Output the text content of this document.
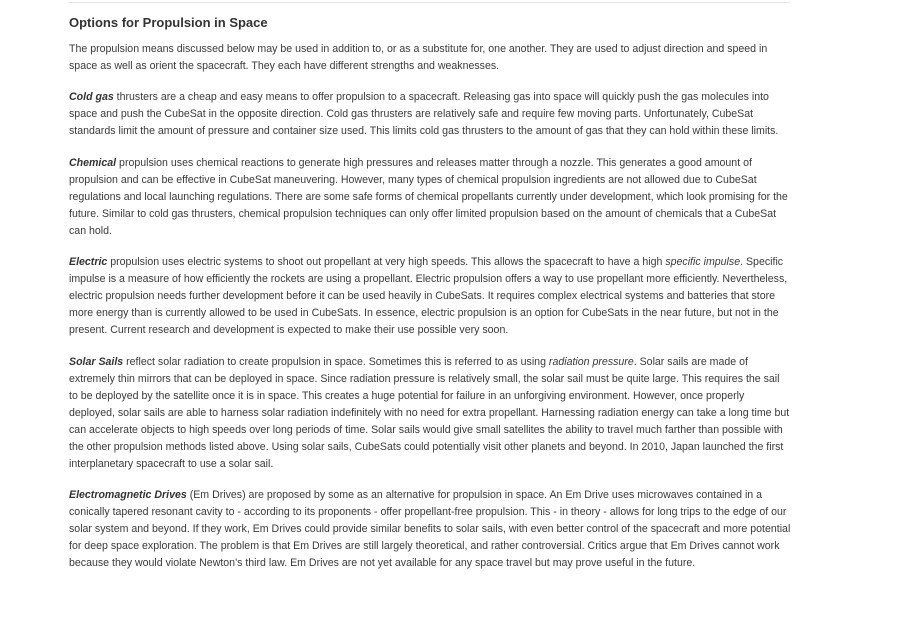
Options for Propulsion in Space

The propulsion means discussed below may be used in addition to, or as a substitute for, one another. They are used to adjust direction and speed in space as well as orient the spacecraft. They each have different strengths and weaknesses.

Cold gas thrusters are a cheap and easy means to offer propulsion to a spacecraft. Releasing gas into space will quickly push the gas molecules into space and push the CubeSat in the opposite direction. Cold gas thrusters are relatively safe and require few moving parts. Unfortunately, CubeSat standards limit the amount of pressure and container size used. This limits cold gas thrusters to the amount of gas that they can hold within these limits.

Chemical propulsion uses chemical reactions to generate high pressures and releases matter through a nozzle. This generates a good amount of propulsion and can be effective in CubeSat maneuvering. However, many types of chemical propulsion ingredients are not allowed due to CubeSat regulations and local launching regulations. There are some safe forms of chemical propellants currently under development, which look promising for the future. Similar to cold gas thrusters, chemical propulsion techniques can only offer limited propulsion based on the amount of chemicals that a CubeSat can hold.

Electric propulsion uses electric systems to shoot out propellant at very high speeds. This allows the spacecraft to have a high specific impulse. Specific impulse is a measure of how efficiently the rockets are using a propellant. Electric propulsion offers a way to use propellant more efficiently. Nevertheless, electric propulsion needs further development before it can be used heavily in CubeSats. It requires complex electrical systems and batteries that store more energy than is currently allowed to be used in CubeSats. In essence, electric propulsion is an option for CubeSats in the near future, but not in the present. Current research and development is expected to make their use possible very soon.

Solar Sails reflect solar radiation to create propulsion in space. Sometimes this is referred to as using radiation pressure. Solar sails are made of extremely thin mirrors that can be deployed in space. Since radiation pressure is relatively small, the solar sail must be quite large. This requires the sail to be deployed by the satellite once it is in space. This creates a huge potential for failure in an unforgiving environment. However, once properly deployed, solar sails are able to harness solar radiation indefinitely with no need for extra propellant. Harnessing radiation energy can take a long time but can accelerate objects to high speeds over long periods of time. Solar sails would give small satellites the ability to travel much farther than possible with the other propulsion methods listed above. Using solar sails, CubeSats could potentially visit other planets and beyond. In 2010, Japan launched the first interplanetary spacecraft to use a solar sail.

Electromagnetic Drives (Em Drives) are proposed by some as an alternative for propulsion in space. An Em Drive uses microwaves contained in a conically tapered resonant cavity to - according to its proponents - offer propellant-free propulsion. This - in theory - allows for long trips to the edge of our solar system and beyond. If they work, Em Drives could provide similar benefits to solar sails, with even better control of the spacecraft and more potential for deep space exploration. The problem is that Em Drives are still largely theoretical, and rather controversial. Critics argue that Em Drives cannot work because they would violate Newton's third law. Em Drives are not yet available for any space travel but may prove useful in the future.
